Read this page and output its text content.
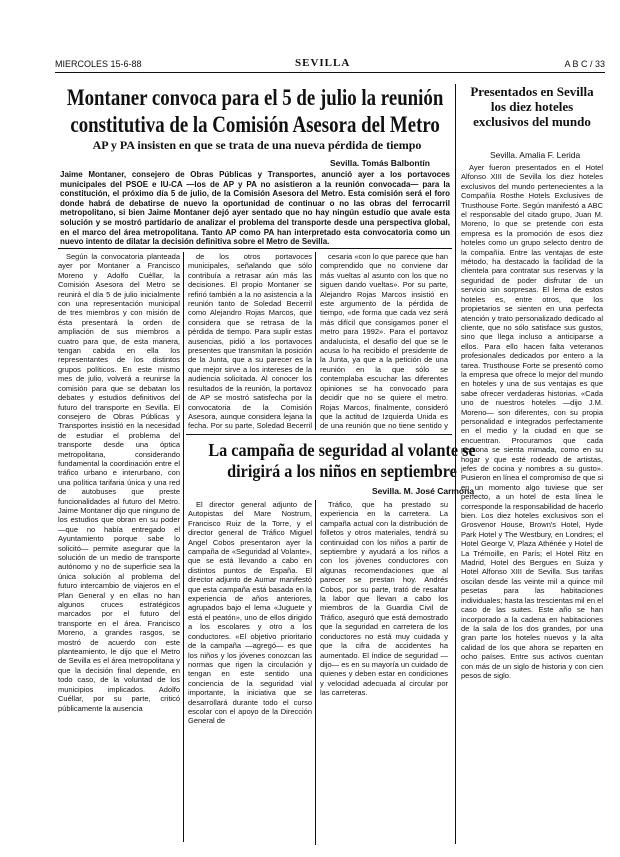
MIERCOLES 15-6-88	SEVILLA	A B C / 33
Montaner convoca para el 5 de julio la reunión constitutiva de la Comisión Asesora del Metro
AP y PA insisten en que se trata de una nueva pérdida de tiempo
Sevilla. Tomás Balbontín

Jaime Montaner, consejero de Obras Públicas y Transportes, anunció ayer a los portavoces municipales del PSOE e IU-CA —los de AP y PA no asistieron a la reunión convocada— para la constitución, el próximo día 5 de julio, de la Comisión Asesora del Metro. Esta comisión será el foro donde habrá de debatirse de nuevo la oportunidad de continuar o no las obras del ferrocarril metropolitano, si bien Jaime Montaner dejó ayer sentado que no hay ningún estudio que avale esta solución y se mostró partidario de analizar el problema del transporte desde una perspectiva global, en el marco del área metropolitana. Tanto AP como PA han interpretado esta convocatoria como un nuevo intento de dilatar la decisión definitiva sobre el Metro de Sevilla.

Según la convocatoria planteada ayer por Montaner a Francisco Moreno y Adolfo Cuéllar, la Comisión Asesora del Metro se reunirá el día 5 de julio inicialmente con una representación municipal de tres miembros y con misión de ésta presentará la orden de ampliación de sus miembros a cuatro para que, de esta manera, tengan cabida en ella los representantes de los distintos grupos políticos. En este mismo mes de julio, volverá a reunirse la comisión para que se debatan los debates y estudios definitivos del futuro del transporte en Sevilla. El consejero de Obras Públicas y Transportes insistió en la necesidad de estudiar el problema del transporte desde una óptica metropolitana, considerando fundamental la coordinación entre el tráfico urbano e interurbano, con una política tarifaria única y una red de autobuses que preste funcionalidades al futuro del Metro. Jaime Montaner dijo que ninguno de los estudios que obran en su poder —que no había entregado el Ayuntamiento porque sabe lo solicitó— permite asegurar que la solución de un medio de transporte autónomo y no de superficie sea la única solución al problema del futuro intercambio de viajeros en el Plan General y en ellas no han algunos cruces estratégicos marcados por el futuro del transporte en el área. Francisco Moreno, a grandes rasgos, se mostró de acuerdo con este planteamiento, le dijo que el Metro de Sevilla es el área metropolitana y que la decisión final depende, en todo caso, de la voluntad de los municipios implicados. Adolfo Cuéllar, por su parte, criticó públicamente la ausencia

de los otros portavoces municipales, señalando que sólo contribuía a retrasar aún más las decisiones. El propio Montaner se refirió también a la no asistencia a la reunión tanto de Soledad Becerril como Alejandro Rojas Marcos, que considera que se retrasa de la pérdida de tiempo. Para suplir estas ausencias, pidió a los portavoces presentes que transmitan la posición de la Junta, que a su parecer es la que mejor sirve a los intereses de la audiencia solicitada. Al conocer los resultados de la reunión, la portavoz de AP se mostró satisfecha por la convocatoria de la Comisión Asesora, aunque considera lejana la fecha. Por su parte, Soledad Becerril

cesaria «con lo que parece que han comprendido que no conviene dar más vueltas al asunto con los que no siguen dando vueltas». Por su parte, Alejandro Rojas Marcos insistió en este argumento de la pérdida de tiempo, «de forma que cada vez será más difícil que consigamos poner el metro para 1992». Para el portavoz andalucista, el desafío del que se le acusa lo ha recibido el presidente de la Junta, ya que a la petición de una reunión en la que sólo se contemplaba escuchar las diferentes opiniones se ha convocado para decidir que no se quiere el metro. Rojas Marcos, finalmente, consideró que la actitud de Izquierda Unida es de una reunión que no tiene sentido y

La campaña de seguridad al volante se dirigirá a los niños en septiembre
Sevilla. M. José Carmona

El director general adjunto de Autopistas del Mare Nostrum, Francisco Ruiz de la Torre, y el director general de Tráfico Miguel Angel Cobos presentaron ayer la campaña de «Seguridad al Volante», que se está llevando a cabo en distintos puntos de España. El director adjunto de Aumar manifestó que esta campaña está basada en la experiencia de años anteriores, agrupados bajo el lema «Juguete y está el peatón», uno de ellos dirigido a los escolares y otro a los conductores. «El objetivo prioritario de la campaña —agregó— es que los niños y los jóvenes conozcan las normas que rigen la circulación y tengan en este sentido una conciencia de la seguridad vial importante, la iniciativa que se desarrollará durante todo el curso escolar con el apoyo de la Dirección General de

Tráfico, que ha prestado su experiencia en la carretera. La campaña actual con la distribución de folletos y otros materiales, tendrá su continuidad con los niños a partir de septiembre y ayudará a los niños a con los jóvenes conductores con algunas recomendaciones que al parecer se prestan hoy. Andrés Cobos, por su parte, trató de resaltar la labor que llevan a cabo los miembros de la Guardia Civil de Tráfico, aseguró que está demostrado que la seguridad en carretera de los conductores no está muy cuidada y que la cifra de accidentes ha aumentado. El índice de seguridad —dijo— es en su mayoría un cuidado de quienes y deben estar en condiciones y velocidad adecuada al circular por las carreteras.

Presentados en Sevilla los diez hoteles exclusivos del mundo
Sevilla. Amalia F. Lerida

Ayer fueron presentados en el Hotel Alfonso XIII de Sevilla los diez hoteles exclusivos del mundo pertenecientes a la Compañía Rosthe Hotels Exclusives de Trusthouse Forte. Según manifestó a ABC el responsable del citado grupo, Juan M. Moreno, lo que se pretende con esta empresa es la promoción de esos diez hoteles como un grupo selecto dentro de la compañía. Entre las ventajas de este método, ha destacado la facilidad de la clientela para contratar sus reservas y la seguridad de poder disfrutar de un servicio sin sorpresas. El lema de estos hoteles es, entre otros, que los propietarios se sienten en una perfecta atención y trato personalizado dedicado al cliente, que no sólo satisface sus gustos, sino que llega incluso a anticiparse a ellos. Para ello hacen falta veteranos profesionales dedicados por entero a la tarea. Trusthouse Forte se presentó como la empresa que ofrece lo mejor del mundo en hoteles y una de sus ventajas es que sabe ofrecer verdaderas historias. «Cada uno de nuestros hoteles —dijo J.M. Moreno— son diferentes, con su propia personalidad e integrados perfectamente en el medio y la ciudad en que se encuentran. Procuramos que cada persona se sienta mimada, como en su hogar y que esté rodeado de artistas, jefes de cocina y nombres a su gusto». Pusieron en línea el compromiso de que si en un momento algo tuviese que ser perfecto, a un hotel de esta línea le corresponde la responsabilidad de hacerlo bien. Los diez hoteles exclusivos son el Grosvenor House, Brown's Hotel, Hyde Park Hotel y The Westbury, en Londres; el Hotel George V, Plaza Athénée y Hotel de La Trémoille, en París; el Hotel Ritz en Madrid, Hotel des Bergues en Suiza y Hotel Alfonso XIII de Sevilla. Sus tarifas oscilan desde las veinte mil a quince mil pesetas para las habitaciones individuales; hasta las trescientas mil en el caso de las suites. Este año se han incorporado a la cadena en habitaciones de la sala de los dos grandes, por una gran parte los hoteles nuevos y la alta calidad de los que ahora se reparten en ocho países. Entre sus activos cuentan con más de un siglo de historia y con cien pesos de siglo.
